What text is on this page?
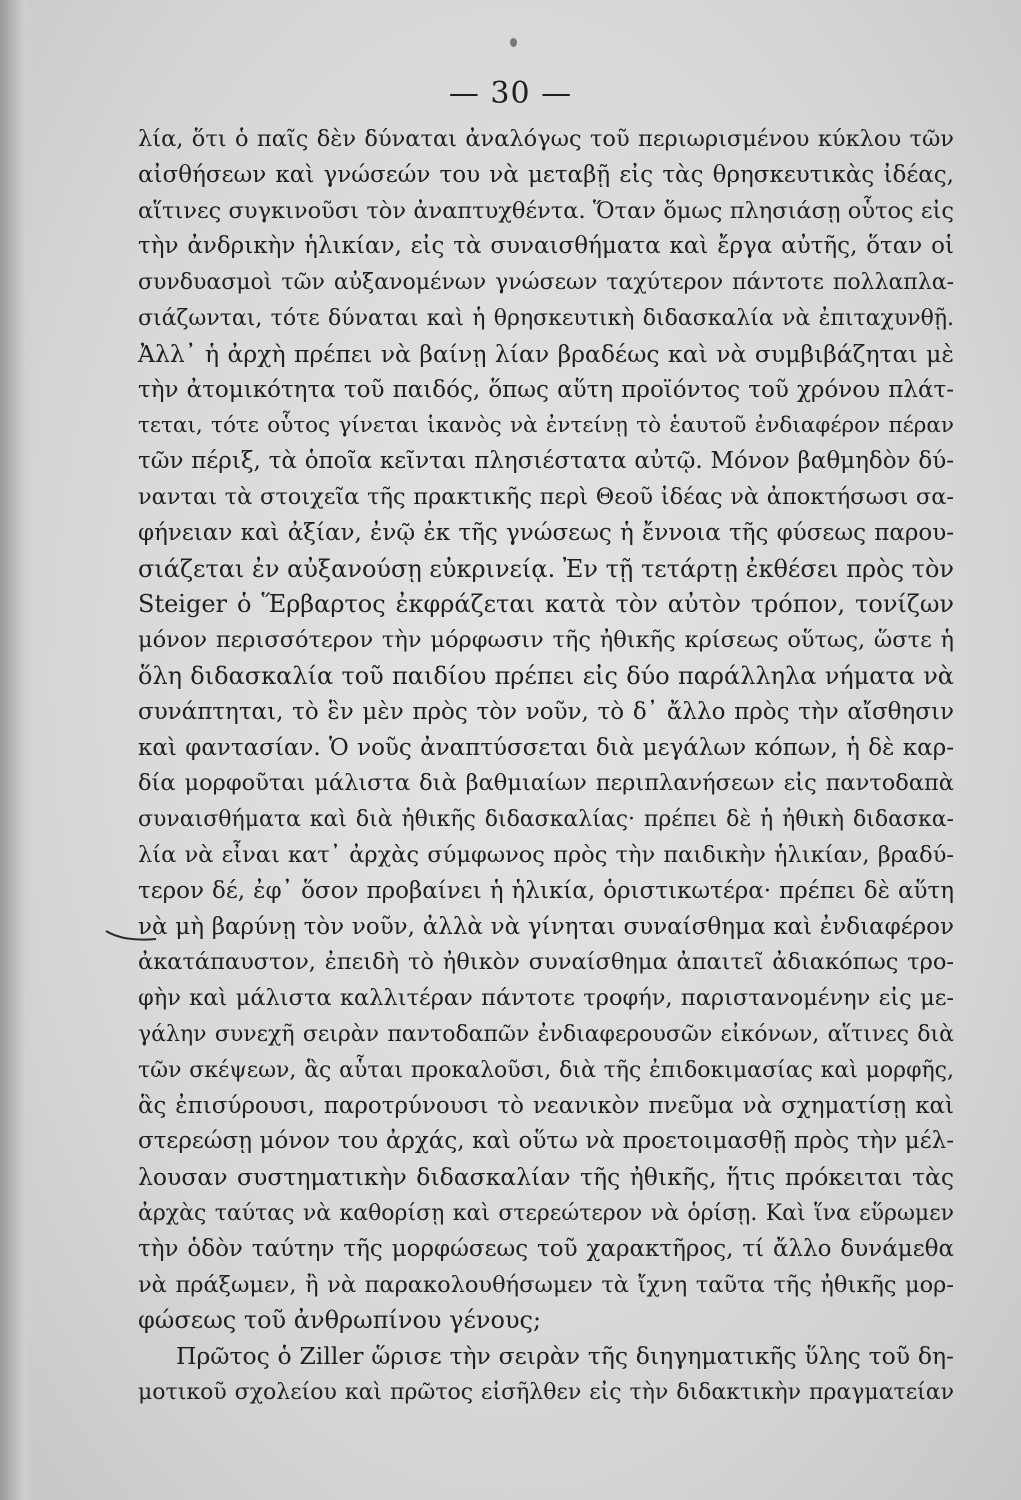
— 30 —
λία, ὅτι ὁ παῖς δὲν δύναται ἀναλόγως τοῦ περιωρισμένου κύκλου τῶν
αἰσθήσεων καὶ γνώσεών του νὰ μεταβῇ εἰς τὰς θρησκευτικὰς ἰδέας,
αἵτινες συγκινοῦσι τὸν ἀναπτυχθέντα. Ὅταν ὅμως πλησιάσῃ οὗτος εἰς
τὴν ἀνδρικὴν ἡλικίαν, εἰς τὰ συναισθήματα καὶ ἔργα αὐτῆς, ὅταν οἱ
συνδυασμοὶ τῶν αὐξανομένων γνώσεων ταχύτερον πάντοτε πολλαπλα-
σιάζωνται, τότε δύναται καὶ ἡ θρησκευτικὴ διδασκαλία νὰ ἐπιταχυνθῇ.
Ἀλλ᾽ ἡ ἀρχὴ πρέπει νὰ βαίνῃ λίαν βραδέως καὶ νὰ συμβιβάζηται μὲ
τὴν ἀτομικότητα τοῦ παιδός, ὅπως αὕτη προϊόντος τοῦ χρόνου πλάτ-
τεται, τότε οὗτος γίνεται ἱκανὸς νὰ ἐντείνῃ τὸ ἑαυτοῦ ἐνδιαφέρον πέραν
τῶν πέριξ, τὰ ὁποῖα κεῖνται πλησιέστατα αὐτῷ. Μόνον βαθμηδὸν δύ-
νανται τὰ στοιχεῖα τῆς πρακτικῆς περὶ Θεοῦ ἰδέας νὰ ἀποκτήσωσι σα-
φήνειαν καὶ ἀξίαν, ἐνῷ ἐκ τῆς γνώσεως ἡ ἔννοια τῆς φύσεως παρου-
σιάζεται ἐν αὐξανούσῃ εὐκρινείᾳ. Ἐν τῇ τετάρτῃ ἐκθέσει πρὸς τὸν
Steiger ὁ Ἕρβαρτος ἐκφράζεται κατὰ τὸν αὐτὸν τρόπον, τονίζων
μόνον περισσότερον τὴν μόρφωσιν τῆς ἠθικῆς κρίσεως οὕτως, ὥστε ἡ
ὅλη διδασκαλία τοῦ παιδίου πρέπει εἰς δύο παράλληλα νήματα νὰ
συνάπτηται, τὸ ἓν μὲν πρὸς τὸν νοῦν, τὸ δ᾽ ἄλλο πρὸς τὴν αἴσθησιν
καὶ φαντασίαν. Ὁ νοῦς ἀναπτύσσεται διὰ μεγάλων κόπων, ἡ δὲ καρ-
δία μορφοῦται μάλιστα διὰ βαθμιαίων περιπλανήσεων εἰς παντοδαπὰ
συναισθήματα καὶ διὰ ἠθικῆς διδασκαλίας· πρέπει δὲ ἡ ἠθικὴ διδασκα-
λία νὰ εἶναι κατ᾽ ἀρχὰς σύμφωνος πρὸς τὴν παιδικὴν ἡλικίαν, βραδύ-
τερον δέ, ἐφ᾽ ὅσον προβαίνει ἡ ἡλικία, ὁριστικωτέρα· πρέπει δὲ αὕτη
νὰ μὴ βαρύνῃ τὸν νοῦν, ἀλλὰ νὰ γίνηται συναίσθημα καὶ ἐνδιαφέρον
ἀκατάπαυστον, ἐπειδὴ τὸ ἠθικὸν συναίσθημα ἀπαιτεῖ ἀδιακόπως τρο-
φὴν καὶ μάλιστα καλλιτέραν πάντοτε τροφήν, παριστανομένην εἰς με-
γάλην συνεχῆ σειρὰν παντοδαπῶν ἐνδιαφερουσῶν εἰκόνων, αἵτινες διὰ
τῶν σκέψεων, ἃς αὗται προκαλοῦσι, διὰ τῆς ἐπιδοκιμασίας καὶ μορφῆς,
ἃς ἐπισύρουσι, παροτρύνουσι τὸ νεανικὸν πνεῦμα νὰ σχηματίσῃ καὶ
στερεώσῃ μόνον του ἀρχάς, καὶ οὕτω νὰ προετοιμασθῇ πρὸς τὴν μέλ-
λουσαν συστηματικὴν διδασκαλίαν τῆς ἠθικῆς, ἥτις πρόκειται τὰς
ἀρχὰς ταύτας νὰ καθορίσῃ καὶ στερεώτερον νὰ ὁρίσῃ. Καὶ ἵνα εὕρωμεν
τὴν ὁδὸν ταύτην τῆς μορφώσεως τοῦ χαρακτῆρος, τί ἄλλο δυνάμεθα
νὰ πράξωμεν, ἢ νὰ παρακολουθήσωμεν τὰ ἴχνη ταῦτα τῆς ἠθικῆς μορ-
φώσεως τοῦ ἀνθρωπίνου γένους;
Πρῶτος ὁ Ziller ὥρισε τὴν σειρὰν τῆς διηγηματικῆς ὕλης τοῦ δη-
μοτικοῦ σχολείου καὶ πρῶτος εἰσῆλθεν εἰς τὴν διδακτικὴν πραγματείαν
